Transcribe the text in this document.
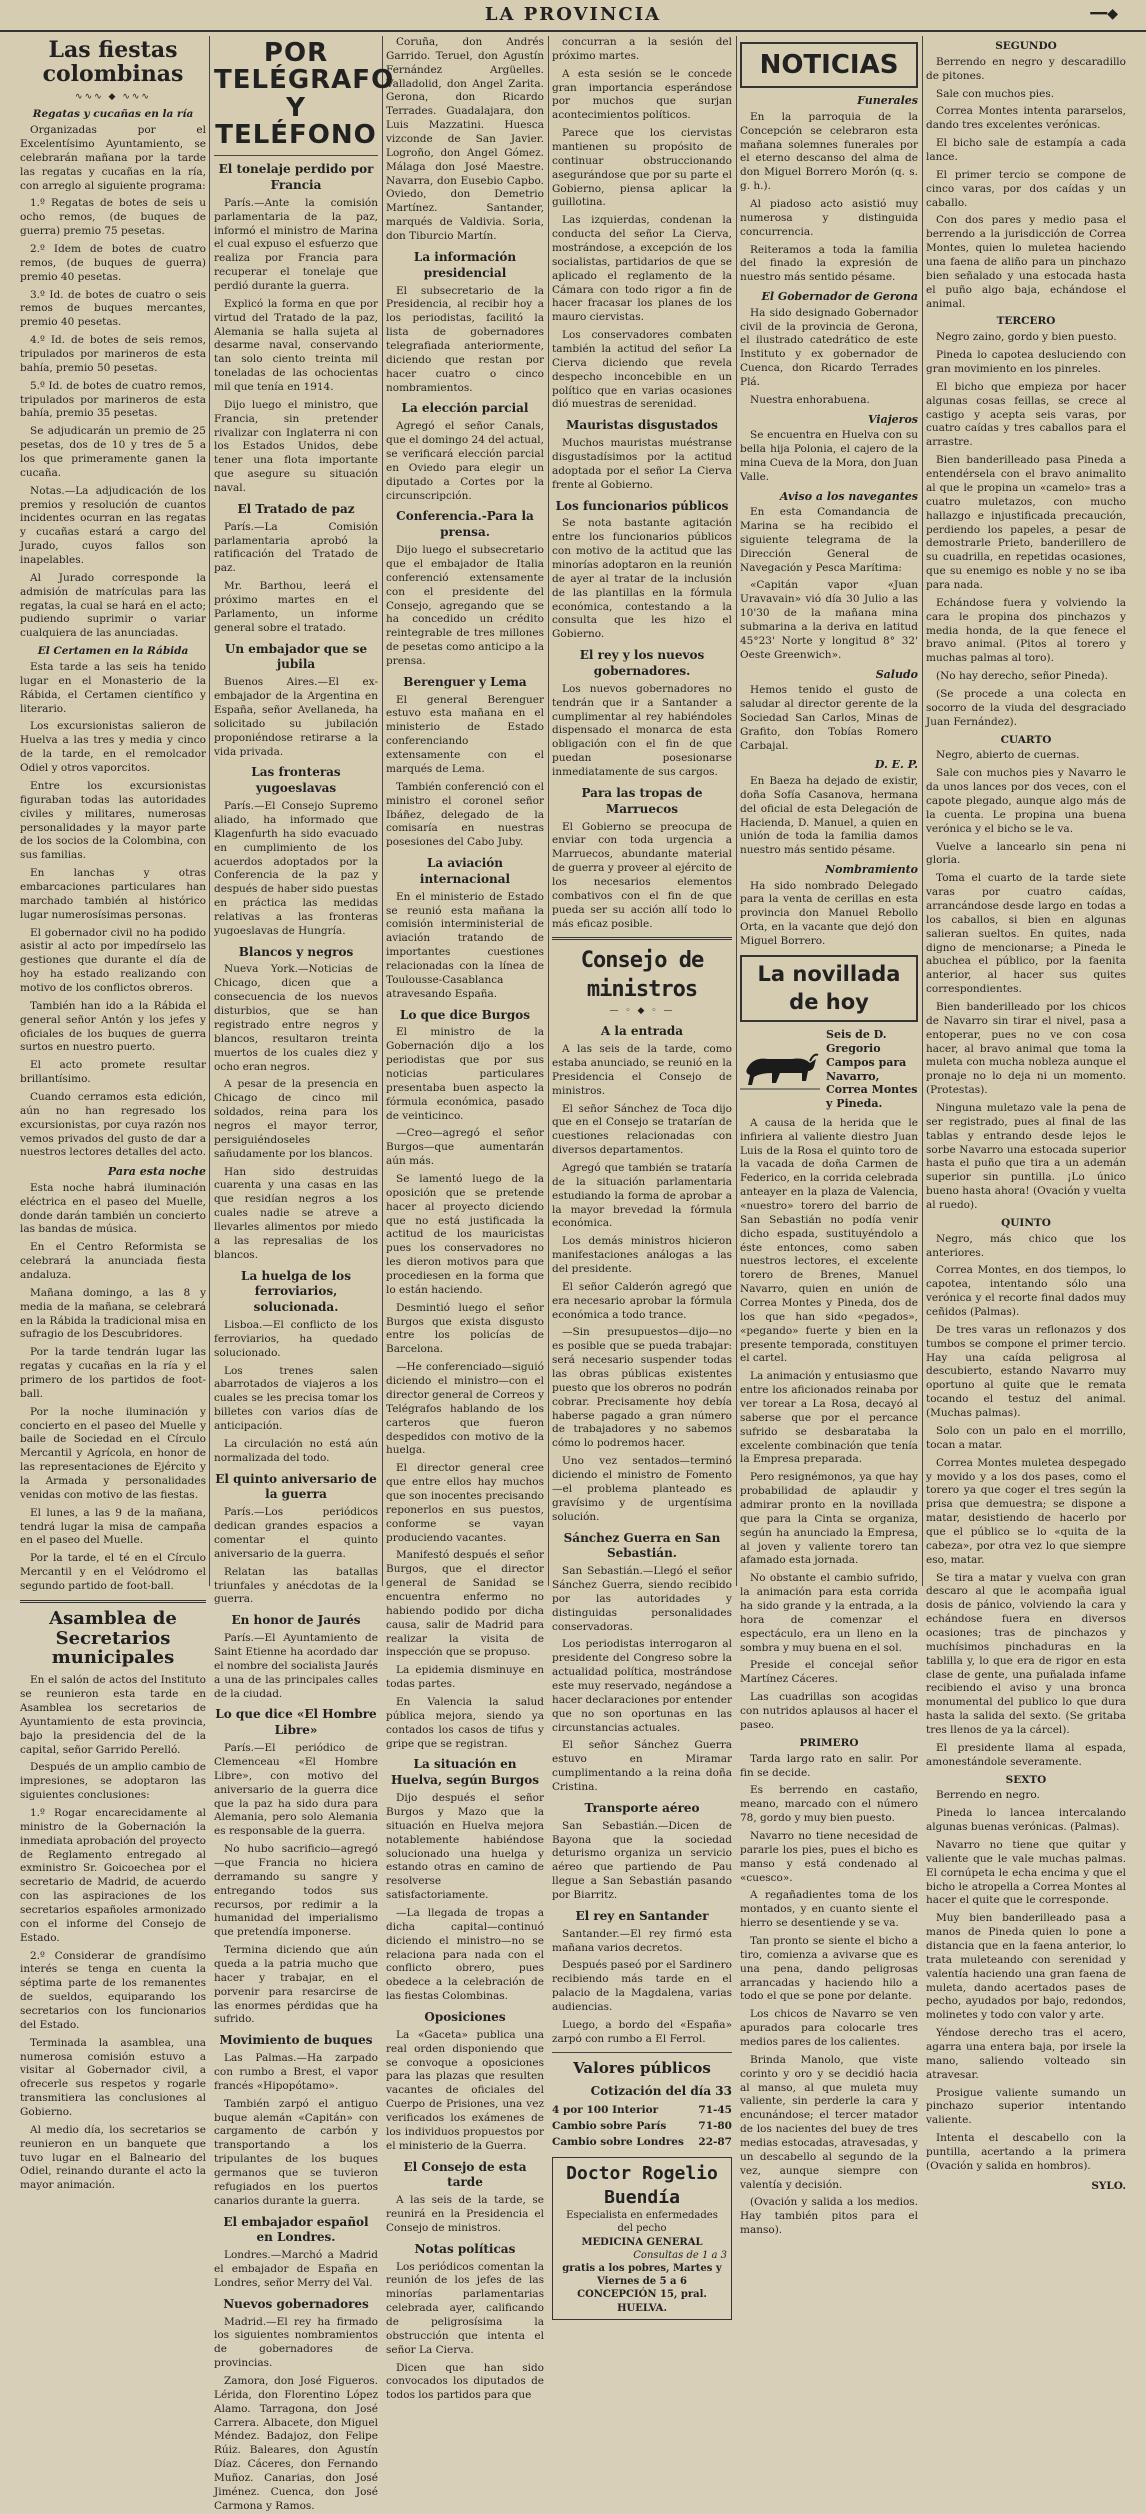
LA PROVINCIA	━━◆
Las fiestas colombinas
∿∿∿ ◆ ∿∿∿
Regatas y cucañas en la ría

Organizadas por el Excelentísimo Ayuntamiento, se celebrarán mañana por la tarde las regatas y cucañas en la ría, con arreglo al siguiente programa:

1.º Regatas de botes de seis u ocho remos, (de buques de guerra) premio 75 pesetas.

2.º Idem de botes de cuatro remos, (de buques de guerra) premio 40 pesetas.

3.º Id. de botes de cuatro o seis remos de buques mercantes, premio 40 pesetas.

4.º Id. de botes de seis remos, tripulados por marineros de esta bahía, premio 50 pesetas.

5.º Id. de botes de cuatro remos, tripulados por marineros de esta bahía, premio 35 pesetas.

Se adjudicarán un premio de 25 pesetas, dos de 10 y tres de 5 a los que primeramente ganen la cucaña.

Notas.—La adjudicación de los premios y resolución de cuantos incidentes ocurran en las regatas y cucañas estará a cargo del Jurado, cuyos fallos son inapelables.

Al Jurado corresponde la admisión de matrículas para las regatas, la cual se hará en el acto; pudiendo suprimir o variar cualquiera de las anunciadas.

El Certamen en la Rábida

Esta tarde a las seis ha tenido lugar en el Monasterio de la Rábida, el Certamen científico y literario.

Los excursionistas salieron de Huelva a las tres y media y cinco de la tarde, en el remolcador Odiel y otros vaporcitos.

Entre los excursionistas figuraban todas las autoridades civiles y militares, numerosas personalidades y la mayor parte de los socios de la Colombina, con sus familias.

En lanchas y otras embarcaciones particulares han marchado también al histórico lugar numerosísimas personas.

El gobernador civil no ha podido asistir al acto por impedírselo las gestiones que durante el día de hoy ha estado realizando con motivo de los conflictos obreros.

También han ido a la Rábida el general señor Antón y los jefes y oficiales de los buques de guerra surtos en nuestro puerto.

El acto promete resultar brillantísimo.

Cuando cerramos esta edición, aún no han regresado los excursionistas, por cuya razón nos vemos privados del gusto de dar a nuestros lectores detalles del acto.

Para esta noche

Esta noche habrá iluminación eléctrica en el paseo del Muelle, donde darán también un concierto las bandas de música.

En el Centro Reformista se celebrará la anunciada fiesta andaluza.

Mañana domingo, a las 8 y media de la mañana, se celebrará en la Rábida la tradicional misa en sufragio de los Descubridores.

Por la tarde tendrán lugar las regatas y cucañas en la ría y el primero de los partidos de foot-ball.

Por la noche iluminación y concierto en el paseo del Muelle y baile de Sociedad en el Círculo Mercantil y Agrícola, en honor de las representaciones de Ejército y la Armada y personalidades venidas con motivo de las fiestas.

El lunes, a las 9 de la mañana, tendrá lugar la misa de campaña en el paseo del Muelle.

Por la tarde, el té en el Círculo Mercantil y en el Velódromo el segundo partido de foot-ball.

Asamblea de Secretarios municipales

En el salón de actos del Instituto se reunieron esta tarde en Asamblea los secretarios de Ayuntamiento de esta provincia, bajo la presidencia del de la capital, señor Garrido Perelló.

Después de un amplio cambio de impresiones, se adoptaron las siguientes conclusiones:

1.º Rogar encarecidamente al ministro de la Gobernación la inmediata aprobación del proyecto de Reglamento entregado al exministro Sr. Goicoechea por el secretario de Madrid, de acuerdo con las aspiraciones de los secretarios españoles armonizado con el informe del Consejo de Estado.

2.º Considerar de grandísimo interés se tenga en cuenta la séptima parte de los remanentes de sueldos, equiparando los secretarios con los funcionarios del Estado.

Terminada la asamblea, una numerosa comisión estuvo a visitar al Gobernador civil, a ofrecerle sus respetos y rogarle transmitiera las conclusiones al Gobierno.

Al medio día, los secretarios se reunieron en un banquete que tuvo lugar en el Balneario del Odiel, reinando durante el acto la mayor animación.

POR TELÉGRAFO Y TELÉFONO
El tonelaje perdido por Francia

París.—Ante la comisión parlamentaria de la paz, informó el ministro de Marina el cual expuso el esfuerzo que realiza por Francia para recuperar el tonelaje que perdió durante la guerra.

Explicó la forma en que por virtud del Tratado de la paz, Alemania se halla sujeta al desarme naval, conservando tan solo ciento treinta mil toneladas de las ochocientas mil que tenía en 1914.

Dijo luego el ministro, que Francia, sin pretender rivalizar con Inglaterra ni con los Estados Unidos, debe tener una flota importante que asegure su situación naval.

El Tratado de paz

París.—La Comisión parlamentaria aprobó la ratificación del Tratado de paz.

Mr. Barthou, leerá el próximo martes en el Parlamento, un informe general sobre el tratado.

Un embajador que se jubila

Buenos Aires.—El ex-embajador de la Argentina en España, señor Avellaneda, ha solicitado su jubilación proponiéndose retirarse a la vida privada.

Las fronteras yugoeslavas

París.—El Consejo Supremo aliado, ha informado que Klagenfurth ha sido evacuado en cumplimiento de los acuerdos adoptados por la Conferencia de la paz y después de haber sido puestas en práctica las medidas relativas a las fronteras yugoeslavas de Hungría.

Blancos y negros

Nueva York.—Noticias de Chicago, dicen que a consecuencia de los nuevos disturbios, que se han registrado entre negros y blancos, resultaron treinta muertos de los cuales diez y ocho eran negros.

A pesar de la presencia en Chicago de cinco mil soldados, reina para los negros el mayor terror, persiguiéndoseles sañudamente por los blancos.

Han sido destruidas cuarenta y una casas en las que residían negros a los cuales nadie se atreve a llevarles alimentos por miedo a las represalias de los blancos.

La huelga de los ferroviarios, solucionada.

Lisboa.—El conflicto de los ferroviarios, ha quedado solucionado.

Los trenes salen abarrotados de viajeros a los cuales se les precisa tomar los billetes con varios días de anticipación.

La circulación no está aún normalizada del todo.

El quinto aniversario de la guerra

París.—Los periódicos dedican grandes espacios a comentar el quinto aniversario de la guerra.

Relatan las batallas triunfales y anécdotas de la guerra.

En honor de Jaurés

París.—El Ayuntamiento de Saint Etienne ha acordado dar el nombre del socialista Jaurés a una de las principales calles de la ciudad.

Lo que dice «El Hombre Libre»

París.—El periódico de Clemenceau «El Hombre Libre», con motivo del aniversario de la guerra dice que la paz ha sido dura para Alemania, pero solo Alemania es responsable de la guerra.

No hubo sacrificio—agregó—que Francia no hiciera derramando su sangre y entregando todos sus recursos, por redimir a la humanidad del imperialismo que pretendía imponerse.

Termina diciendo que aún queda a la patria mucho que hacer y trabajar, en el porvenir para resarcirse de las enormes pérdidas que ha sufrido.

Movimiento de buques

Las Palmas.—Ha zarpado con rumbo a Brest, el vapor francés «Hipopótamo».

También zarpó el antiguo buque alemán «Capitán» con cargamento de carbón y transportando a los tripulantes de los buques germanos que se tuvieron refugiados en los puertos canarios durante la guerra.

El embajador español en Londres.

Londres.—Marchó a Madrid el embajador de España en Londres, señor Merry del Val.

Nuevos gobernadores

Madrid.—El rey ha firmado los siguientes nombramientos de gobernadores de provincias.

Zamora, don José Figueros. Lérida, don Florentino López Alamo. Tarragona, don José Carrera. Albacete, don Miguel Méndez. Badajoz, don Felipe Rúiz. Baleares, don Agustín Díaz. Cáceres, don Fernando Muñoz. Canarias, don José Jiménez. Cuenca, don José Carmona y Ramos.

Coruña, don Andrés Garrido. Teruel, don Agustín Fernández Argüelles. Valladolid, don Angel Zarita. Gerona, don Ricardo Terrades. Guadalajara, don Luis Mazzatini. Huesca vizconde de San Javier. Logroño, don Angel Gómez. Málaga don José Maestre. Navarra, don Eusebio Capbo. Oviedo, don Demetrio Martínez. Santander, marqués de Valdivia. Soria, don Tiburcio Martín.

La información presidencial

El subsecretario de la Presidencia, al recibir hoy a los periodistas, facilitó la lista de gobernadores telegrafiada anteriormente, diciendo que restan por hacer cuatro o cinco nombramientos.

La elección parcial

Agregó el señor Canals, que el domingo 24 del actual, se verificará elección parcial en Oviedo para elegir un diputado a Cortes por la circunscripción.

Conferencia.-Para la prensa.

Dijo luego el subsecretario que el embajador de Italia conferenció extensamente con el presidente del Consejo, agregando que se ha concedido un crédito reintegrable de tres millones de pesetas como anticipo a la prensa.

Berenguer y Lema

El general Berenguer estuvo esta mañana en el ministerio de Estado conferenciando extensamente con el marqués de Lema.

También conferenció con el ministro el coronel señor Ibáñez, delegado de la comisaría en nuestras posesiones del Cabo Juby.

La aviación internacional

En el ministerio de Estado se reunió esta mañana la comisión interministerial de aviación tratando de importantes cuestiones relacionadas con la línea de Toulousse-Casablanca atravesando España.

Lo que dice Burgos

El ministro de la Gobernación dijo a los periodistas que por sus noticias particulares presentaba buen aspecto la fórmula económica, pasado de veinticinco.

—Creo—agregó el señor Burgos—que aumentarán aún más.

Se lamentó luego de la oposición que se pretende hacer al proyecto diciendo que no está justificada la actitud de los mauricistas pues los conservadores no les dieron motivos para que procediesen en la forma que lo están haciendo.

Desmintió luego el señor Burgos que exista disgusto entre los policías de Barcelona.

—He conferenciado—siguió diciendo el ministro—con el director general de Correos y Telégrafos hablando de los carteros que fueron despedidos con motivo de la huelga.

El director general cree que entre ellos hay muchos que son inocentes precisando reponerlos en sus puestos, conforme se vayan produciendo vacantes.

Manifestó después el señor Burgos, que el director general de Sanidad se encuentra enfermo no habiendo podido por dicha causa, salir de Madrid para realizar la visita de inspección que se propuso.

La epidemia disminuye en todas partes.

En Valencia la salud pública mejora, siendo ya contados los casos de tifus y gripe que se registran.

La situación en Huelva, según Burgos

Dijo después el señor Burgos y Mazo que la situación en Huelva mejora notablemente habiéndose solucionado una huelga y estando otras en camino de resolverse satisfactoriamente.

—La llegada de tropas a dicha capital—continuó diciendo el ministro—no se relaciona para nada con el conflicto obrero, pues obedece a la celebración de las fiestas Colombinas.

Oposiciones

La «Gaceta» publica una real orden disponiendo que se convoque a oposiciones para las plazas que resulten vacantes de oficiales del Cuerpo de Prisiones, una vez verificados los exámenes de los individuos propuestos por el ministerio de la Guerra.

El Consejo de esta tarde

A las seis de la tarde, se reunirá en la Presidencia el Consejo de ministros.

Notas políticas

Los periódicos comentan la reunión de los jefes de las minorías parlamentarias celebrada ayer, calificando de peligrosísima la obstrucción que intenta el señor La Cierva.

Dicen que han sido convocados los diputados de todos los partidos para que

concurran a la sesión del próximo martes.

A esta sesión se le concede gran importancia esperándose por muchos que surjan acontecimientos políticos.

Parece que los ciervistas mantienen su propósito de continuar obstruccionando asegurándose que por su parte el Gobierno, piensa aplicar la guillotina.

Las izquierdas, condenan la conducta del señor La Cierva, mostrándose, a excepción de los socialistas, partidarios de que se aplicado el reglamento de la Cámara con todo rigor a fin de hacer fracasar los planes de los mauro ciervistas.

Los conservadores combaten también la actitud del señor La Cierva diciendo que revela despecho inconcebible en un político que en varias ocasiones dió muestras de serenidad.

Mauristas disgustados

Muchos mauristas muéstranse disgustadísimos por la actitud adoptada por el señor La Cierva frente al Gobierno.

Los funcionarios públicos

Se nota bastante agitación entre los funcionarios públicos con motivo de la actitud que las minorías adoptaron en la reunión de ayer al tratar de la inclusión de las plantillas en la fórmula económica, contestando a la consulta que les hizo el Gobierno.

El rey y los nuevos gobernadores.

Los nuevos gobernadores no tendrán que ir a Santander a cumplimentar al rey habiéndoles dispensado el monarca de esta obligación con el fin de que puedan posesionarse inmediatamente de sus cargos.

Para las tropas de Marruecos

El Gobierno se preocupa de enviar con toda urgencia a Marruecos, abundante material de guerra y proveer al ejército de los necesarios elementos combativos con el fin de que pueda ser su acción allí todo lo más eficaz posible.

Consejo de ministros
— ◦ ◆ ◦ —
A la entrada

A las seis de la tarde, como estaba anunciado, se reunió en la Presidencia el Consejo de ministros.

El señor Sánchez de Toca dijo que en el Consejo se tratarían de cuestiones relacionadas con diversos departamentos.

Agregó que también se trataría de la situación parlamentaria estudiando la forma de aprobar a la mayor brevedad la fórmula económica.

Los demás ministros hicieron manifestaciones análogas a las del presidente.

El señor Calderón agregó que era necesario aprobar la fórmula económica a todo trance.

—Sin presupuestos—dijo—no es posible que se pueda trabajar: será necesario suspender todas las obras públicas existentes puesto que los obreros no podrán cobrar. Precisamente hoy debía haberse pagado a gran número de trabajadores y no sabemos cómo lo podremos hacer.

Uno vez sentados—terminó diciendo el ministro de Fomento—el problema planteado es gravísimo y de urgentísima solución.

Sánchez Guerra en San Sebastián.

San Sebastián.—Llegó el señor Sánchez Guerra, siendo recibido por las autoridades y distinguidas personalidades conservadoras.

Los periodistas interrogaron al presidente del Congreso sobre la actualidad política, mostrándose este muy reservado, negándose a hacer declaraciones por entender que no son oportunas en las circunstancias actuales.

El señor Sánchez Guerra estuvo en Miramar cumplimentando a la reina doña Cristina.

Transporte aéreo

San Sebastián.—Dicen de Bayona que la sociedad deturismo organiza un servicio aéreo que partiendo de Pau llegue a San Sebastián pasando por Biarritz.

El rey en Santander

Santander.—El rey firmó esta mañana varios decretos.

Después paseó por el Sardinero recibiendo más tarde en el palacio de la Magdalena, varias audiencias.

Luego, a bordo del «España» zarpó con rumbo a El Ferrol.

Valores públicos
Cotización del día 33
4 por 100 Interior	71-45
Cambio sobre París	71-80
Cambio sobre Londres	22-87
Doctor Rogelio Buendía
Especialista en enfermedades del pecho
MEDICINA GENERAL
Consultas de 1 a 3
gratis a los pobres, Martes y Viernes de 5 a 6
CONCEPCIÓN 15, pral. HUELVA.
NOTICIAS
Funerales

En la parroquia de la Concepción se celebraron esta mañana solemnes funerales por el eterno descanso del alma de don Miguel Borrero Morón (q. s. g. h.).

Al piadoso acto asistió muy numerosa y distinguida concurrencia.

Reiteramos a toda la familia del finado la expresión de nuestro más sentido pésame.

El Gobernador de Gerona

Ha sido designado Gobernador civil de la provincia de Gerona, el ilustrado catedrático de este Instituto y ex gobernador de Cuenca, don Ricardo Terrades Plá.

Nuestra enhorabuena.

Viajeros

Se encuentra en Huelva con su bella hija Polonia, el cajero de la mina Cueva de la Mora, don Juan Valle.

Aviso a los navegantes

En esta Comandancia de Marina se ha recibido el siguiente telegrama de la Dirección General de Navegación y Pesca Marítima:

«Capitán vapor «Juan Uravavain» vió día 30 Julio a las 10'30 de la mañana mina submarina a la deriva en latitud 45°23' Norte y longitud 8° 32' Oeste Greenwich».

Saludo

Hemos tenido el gusto de saludar al director gerente de la Sociedad San Carlos, Minas de Grafito, don Tobías Romero Carbajal.

D. E. P.

En Baeza ha dejado de existir, doña Sofía Casanova, hermana del oficial de esta Delegación de Hacienda, D. Manuel, a quien en unión de toda la familia damos nuestro más sentido pésame.

Nombramiento

Ha sido nombrado Delegado para la venta de cerillas en esta provincia don Manuel Rebollo Orta, en la vacante que dejó don Miguel Borrero.

La novillada de hoy
Seis de D. Gregorio Campos para Navarro, Correa Montes y Pineda.

A causa de la herida que le infiriera al valiente diestro Juan Luis de la Rosa el quinto toro de la vacada de doña Carmen de Federico, en la corrida celebrada anteayer en la plaza de Valencia, «nuestro» torero del barrio de San Sebastián no podía venir dicho espada, sustituyéndolo a éste entonces, como saben nuestros lectores, el excelente torero de Brenes, Manuel Navarro, quien en unión de Correa Montes y Pineda, dos de los que han sido «pegados», «pegando» fuerte y bien en la presente temporada, constituyen el cartel.

La animación y entusiasmo que entre los aficionados reinaba por ver torear a La Rosa, decayó al saberse que por el percance sufrido se desbarataba la excelente combinación que tenía la Empresa preparada.

Pero resignémonos, ya que hay probabilidad de aplaudir y admirar pronto en la novillada que para la Cinta se organiza, según ha anunciado la Empresa, al joven y valiente torero tan afamado esta jornada.

No obstante el cambio sufrido, la animación para esta corrida ha sido grande y la entrada, a la hora de comenzar el espectáculo, era un lleno en la sombra y muy buena en el sol.

Preside el concejal señor Martínez Cáceres.

Las cuadrillas son acogidas con nutridos aplausos al hacer el paseo.

PRIMERO

Tarda largo rato en salir. Por fin se decide.

Es berrendo en castaño, meano, marcado con el número 78, gordo y muy bien puesto.

Navarro no tiene necesidad de pararle los pies, pues el bicho es manso y está condenado al «cuesco».

A regañadientes toma de los montados, y en cuanto siente el hierro se desentiende y se va.

Tan pronto se siente el bicho a tiro, comienza a avivarse que es una pena, dando peligrosas arrancadas y haciendo hilo a todo el que se pone por delante.

Los chicos de Navarro se ven apurados para colocarle tres medios pares de los calientes.

Brinda Manolo, que viste corinto y oro y se decidió hacia al manso, al que muleta muy valiente, sin perderle la cara y encunándose; el tercer matador de los nacientes del buey de tres medias estocadas, atravesadas, y un descabello al segundo de la vez, aunque siempre con valentía y decisión.

(Ovación y salida a los medios. Hay también pitos para el manso).

SEGUNDO

Berrendo en negro y descaradillo de pitones.

Sale con muchos pies.

Correa Montes intenta pararselos, dando tres excelentes verónicas.

El bicho sale de estampía a cada lance.

El primer tercio se compone de cinco varas, por dos caídas y un caballo.

Con dos pares y medio pasa el berrendo a la jurisdicción de Correa Montes, quien lo muletea haciendo una faena de aliño para un pinchazo bien señalado y una estocada hasta el puño algo baja, echándose el animal.

TERCERO

Negro zaino, gordo y bien puesto.

Pineda lo capotea desluciendo con gran movimiento en los pinreles.

El bicho que empieza por hacer algunas cosas feillas, se crece al castigo y acepta seis varas, por cuatro caídas y tres caballos para el arrastre.

Bien banderilleado pasa Pineda a entendérsela con el bravo animalito al que le propina un «camelo» tras a cuatro muletazos, con mucho hallazgo e injustificada precaución, perdiendo los papeles, a pesar de demostrarle Prieto, banderillero de su cuadrilla, en repetidas ocasiones, que su enemigo es noble y no se iba para nada.

Echándose fuera y volviendo la cara le propina dos pinchazos y media honda, de la que fenece el bravo animal. (Pitos al torero y muchas palmas al toro).

(No hay derecho, señor Pineda).

(Se procede a una colecta en socorro de la viuda del desgraciado Juan Fernández).

CUARTO

Negro, abierto de cuernas.

Sale con muchos pies y Navarro le da unos lances por dos veces, con el capote plegado, aunque algo más de la cuenta. Le propina una buena verónica y el bicho se le va.

Vuelve a lancearlo sin pena ni gloria.

Toma el cuarto de la tarde siete varas por cuatro caídas, arrancándose desde largo en todas a los caballos, si bien en algunas salieran sueltos. En quites, nada digno de mencionarse; a Pineda le abuchea el público, por la faenita anterior, al hacer sus quites correspondientes.

Bien banderilleado por los chicos de Navarro sin tirar el nivel, pasa a entoperar, pues no ve con cosa hacer, al bravo animal que toma la muleta con mucha nobleza aunque el pronaje no lo deja ni un momento. (Protestas).

Ninguna muletazo vale la pena de ser registrado, pues al final de las tablas y entrando desde lejos le sorbe Navarro una estocada superior hasta el puño que tira a un ademán superior sin puntilla. ¡Lo único bueno hasta ahora! (Ovación y vuelta al ruedo).

QUINTO

Negro, más chico que los anteriores.

Correa Montes, en dos tiempos, lo capotea, intentando sólo una verónica y el recorte final dados muy ceñidos (Palmas).

De tres varas un reflonazos y dos tumbos se compone el primer tercio. Hay una caída peligrosa al descubierto, estando Navarro muy oportuno al quite que le remata tocando el testuz del animal. (Muchas palmas).

Solo con un palo en el morrillo, tocan a matar.

Correa Montes muletea despegado y movido y a los dos pases, como el torero ya que coger el tres según la prisa que demuestra; se dispone a matar, desistiendo de hacerlo por que el público se lo «quita de la cabeza», por otra vez lo que siempre eso, matar.

Se tira a matar y vuelva con gran descaro al que le acompaña igual dosis de pánico, volviendo la cara y echándose fuera en diversos ocasiones; tras de pinchazos y muchísimos pinchaduras en la tablilla y, lo que era de rigor en esta clase de gente, una puñalada infame recibiendo el aviso y una bronca monumental del publico lo que dura hasta la salida del sexto. (Se gritaba tres llenos de ya la cárcel).

El presidente llama al espada, amonestándole severamente.

SEXTO

Berrendo en negro.

Pineda lo lancea intercalando algunas buenas verónicas. (Palmas).

Navarro no tiene que quitar y valiente que le vale muchas palmas. El cornúpeta le echa encima y que el bicho le atropella a Correa Montes al hacer el quite que le corresponde.

Muy bien banderilleado pasa a manos de Pineda quien lo pone a distancia que en la faena anterior, lo trata muleteando con serenidad y valentía haciendo una gran faena de muleta, dando acertados pases de pecho, ayudados por bajo, redondos, molinetes y todo con valor y arte.

Yéndose derecho tras el acero, agarra una entera baja, por irsele la mano, saliendo volteado sin atravesar.

Prosigue valiente sumando un pinchazo superior intentando valiente.

Intenta el descabello con la puntilla, acertando a la primera (Ovación y salida en hombros).

SYLO.
